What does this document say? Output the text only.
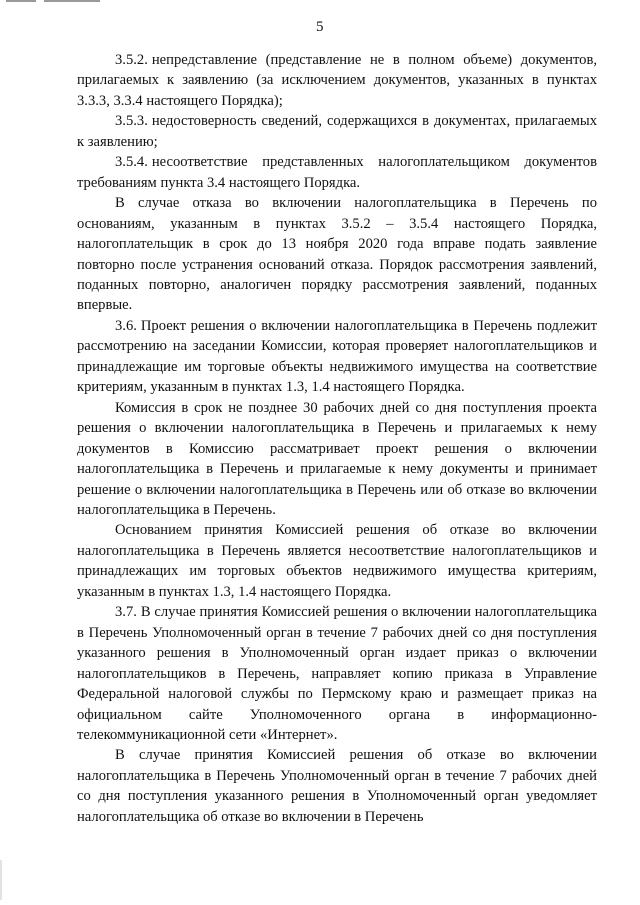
5

3.5.2. непредставление (представление не в полном объеме) документов, прилагаемых к заявлению (за исключением документов, указанных в пунктах 3.3.3, 3.3.4 настоящего Порядка);

3.5.3. недостоверность сведений, содержащихся в документах, прилагаемых к заявлению;

3.5.4. несоответствие представленных налогоплательщиком документов требованиям пункта 3.4 настоящего Порядка.

В случае отказа во включении налогоплательщика в Перечень по основаниям, указанным в пунктах 3.5.2 – 3.5.4 настоящего Порядка, налогоплательщик в срок до 13 ноября 2020 года вправе подать заявление повторно после устранения оснований отказа. Порядок рассмотрения заявлений, поданных повторно, аналогичен порядку рассмотрения заявлений, поданных впервые.

3.6. Проект решения о включении налогоплательщика в Перечень подлежит рассмотрению на заседании Комиссии, которая проверяет налогоплательщиков и принадлежащие им торговые объекты недвижимого имущества на соответствие критериям, указанным в пунктах 1.3, 1.4 настоящего Порядка.

Комиссия в срок не позднее 30 рабочих дней со дня поступления проекта решения о включении налогоплательщика в Перечень и прилагаемых к нему документов в Комиссию рассматривает проект решения о включении налогоплательщика в Перечень и прилагаемые к нему документы и принимает решение о включении налогоплательщика в Перечень или об отказе во включении налогоплательщика в Перечень.

Основанием принятия Комиссией решения об отказе во включении налогоплательщика в Перечень является несоответствие налогоплательщиков и принадлежащих им торговых объектов недвижимого имущества критериям, указанным в пунктах 1.3, 1.4 настоящего Порядка.

3.7. В случае принятия Комиссией решения о включении налогоплательщика в Перечень Уполномоченный орган в течение 7 рабочих дней со дня поступления указанного решения в Уполномоченный орган издает приказ о включении налогоплательщиков в Перечень, направляет копию приказа в Управление Федеральной налоговой службы по Пермскому краю и размещает приказ на официальном сайте Уполномоченного органа в информационно-телекоммуникационной сети «Интернет».

В случае принятия Комиссией решения об отказе во включении налогоплательщика в Перечень Уполномоченный орган в течение 7 рабочих дней со дня поступления указанного решения в Уполномоченный орган уведомляет налогоплательщика об отказе во включении в Перечень
